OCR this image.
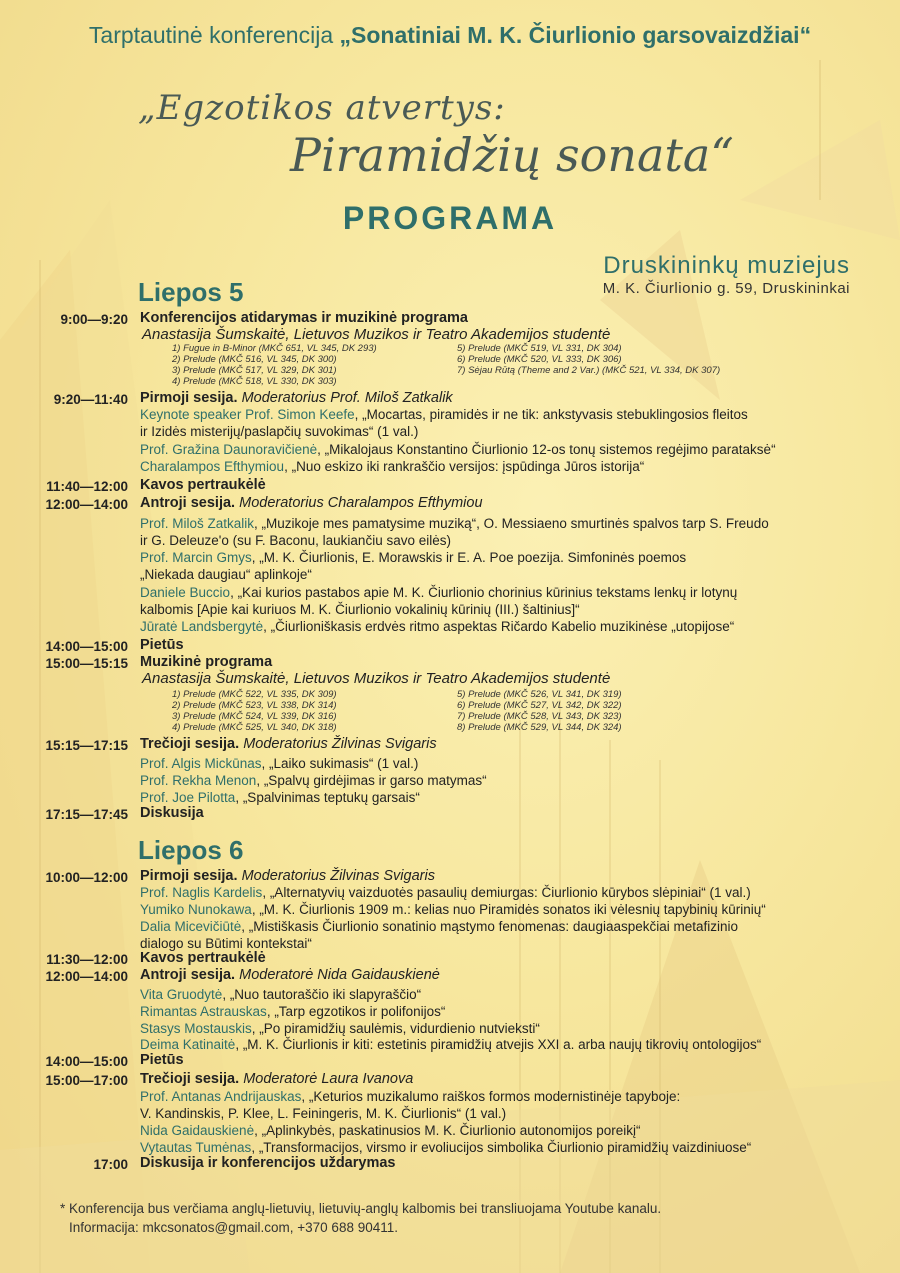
Tarptautinė konferencija „Sonatiniai M. K. Čiurlionio garsovaizdžiai“
„Egzotikos atvertys:
Piramidžių sonata“
PROGRAMA
Druskininkų muziejus
M. K. Čiurlionio g. 59, Druskininkai
Liepos 5
9:00—9:20 Konferencijos atidarymas ir muzikinė programa
Anastasija Šumskaitė, Lietuvos Muzikos ir Teatro Akademijos studentė
1) Fugue in B-Minor (MKČ 651, VL 345, DK 293)
2) Prelude (MKČ 516, VL 345, DK 300)
3) Prelude (MKČ 517, VL 329, DK 301)
4) Prelude (MKČ 518, VL 330, DK 303)
5) Prelude (MKČ 519, VL 331, DK 304)
6) Prelude (MKČ 520, VL 333, DK 306)
7) Sėjau Rūtą (Theme and 2 Var.) (MKČ 521, VL 334, DK 307)
9:20—11:40 Pirmoji sesija. Moderatorius Prof. Miloš Zatkalik
Keynote speaker Prof. Simon Keefe, „Mocartas, piramidės ir ne tik: ankstyvasis stebuklingosios fleitos
ir Izidės misterijų/paslapčių suvokimas“ (1 val.)
Prof. Gražina Daunoravičienė, „Mikalojaus Konstantino Čiurlionio 12-os tonų sistemos regėjimo parataksė“
Charalampos Efthymiou, „Nuo eskizo iki rankraščio versijos: įspūdinga Jūros istorija“
11:40—12:00 Kavos pertraukėlė
12:00—14:00 Antroji sesija. Moderatorius Charalampos Efthymiou
Prof. Miloš Zatkalik, „Muzikoje mes pamatysime muziką“, O. Messiaeno smurtinės spalvos tarp S. Freudo
ir G. Deleuze'o (su F. Baconu, laukiančiu savo eilės)
Prof. Marcin Gmys, „M. K. Čiurlionis, E. Morawskis ir E. A. Poe poezija. Simfoninės poemos
„Niekada daugiau“ aplinkoje“
Daniele Buccio, „Kai kurios pastabos apie M. K. Čiurlionio chorinius kūrinius tekstams lenkų ir lotynų
kalbomis [Apie kai kuriuos M. K. Čiurlionio vokalinių kūrinių (III.) šaltinius]“
Jūratė Landsbergytė, „Čiurlioniškasis erdvės ritmo aspektas Ričardo Kabelio muzikinėse „utopijose“
14:00—15:00 Pietūs
15:00—15:15 Muzikinė programa
Anastasija Šumskaitė, Lietuvos Muzikos ir Teatro Akademijos studentė
1) Prelude (MKČ 522, VL 335, DK 309)
2) Prelude (MKČ 523, VL 338, DK 314)
3) Prelude (MKČ 524, VL 339, DK 316)
4) Prelude (MKČ 525, VL 340, DK 318)
5) Prelude (MKČ 526, VL 341, DK 319)
6) Prelude (MKČ 527, VL 342, DK 322)
7) Prelude (MKČ 528, VL 343, DK 323)
8) Prelude (MKČ 529, VL 344, DK 324)
15:15—17:15 Trečioji sesija. Moderatorius Žilvinas Svigaris
Prof. Algis Mickūnas, „Laiko sukimasis“ (1 val.)
Prof. Rekha Menon, „Spalvų girdėjimas ir garso matymas“
Prof. Joe Pilotta, „Spalvinimas teptukų garsais“
17:15—17:45 Diskusija
Liepos 6
10:00—12:00 Pirmoji sesija. Moderatorius Žilvinas Svigaris
Prof. Naglis Kardelis, „Alternatyvių vaizduotės pasaulių demiurgas: Čiurlionio kūrybos slėpiniai“ (1 val.)
Yumiko Nunokawa, „M. K. Čiurlionis 1909 m.: kelias nuo Piramidės sonatos iki vėlesnių tapybinių kūrinių“
Dalia Micevičiūtė, „Mistiškasis Čiurlionio sonatinio mąstymo fenomenas: daugiaaspekčiai metafizinio
dialogo su Būtimi kontekstai“
11:30—12:00 Kavos pertraukėlė
12:00—14:00 Antroji sesija. Moderatorė Nida Gaidauskienė
Vita Gruodytė, „Nuo tautoraščio iki slapyraščio“
Rimantas Astrauskas, „Tarp egzotikos ir polifonijos“
Stasys Mostauskis, „Po piramidžių saulėmis, vidurdienio nutvieksti“
Deima Katinaitė, „M. K. Čiurlionis ir kiti: estetinis piramidžių atvejis XXI a. arba naujų tikrovių ontologijos“
14:00—15:00 Pietūs
15:00—17:00 Trečioji sesija. Moderatorė Laura Ivanova
Prof. Antanas Andrijauskas, „Keturios muzikalumo raiškos formos modernistinėje tapyboje:
V. Kandinskis, P. Klee, L. Feiningeris, M. K. Čiurlionis“ (1 val.)
Nida Gaidauskienė, „Aplinkybės, paskatinusios M. K. Čiurlionio autonomijos poreikį“
Vytautas Tumėnas, „Transformacijos, virsmo ir evoliucijos simbolika Čiurlionio piramidžių vaizdiniuose“
17:00 Diskusija ir konferencijos uždarymas
* Konferencija bus verčiama anglų-lietuvių, lietuvių-anglų kalbomis bei transliuojama Youtube kanalu.
Informacija: mkcsonatos@gmail.com, +370 688 90411.
